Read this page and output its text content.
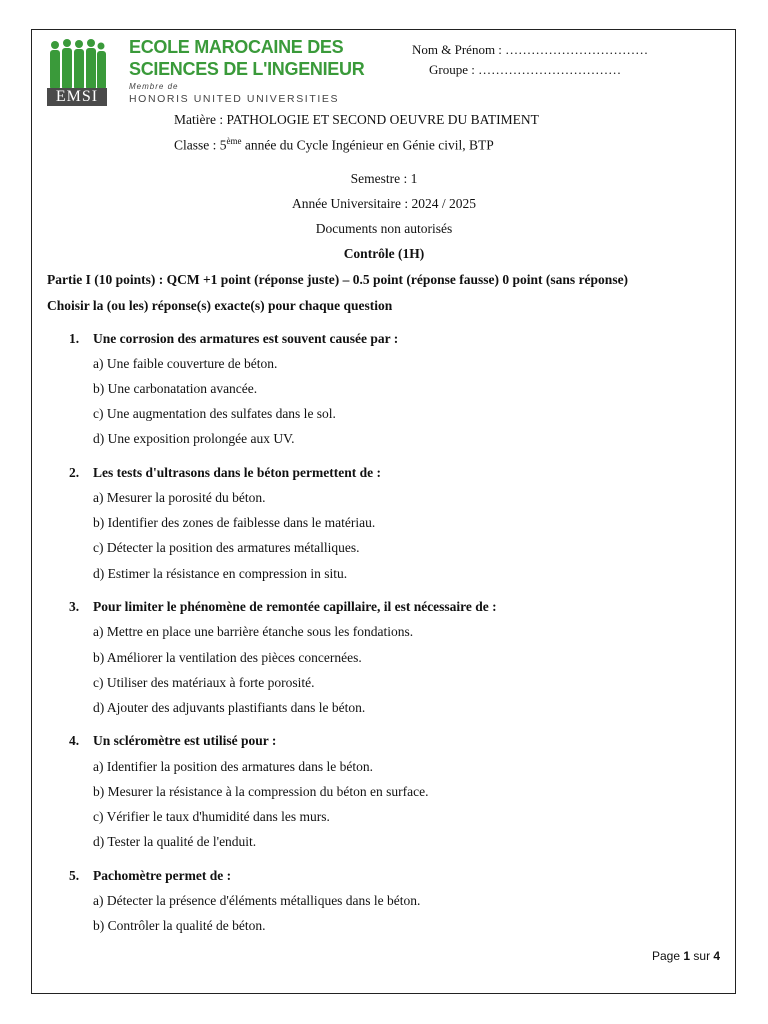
EMSI
ECOLE MAROCAINE DES
SCIENCES DE L'INGENIEUR
Membre de
HONORIS UNITED UNIVERSITIES
Nom & Prénom : ……………………………
Groupe : ……………………………
Matière : PATHOLOGIE ET SECOND OEUVRE DU BATIMENT
Classe : 5ème année du Cycle Ingénieur en Génie civil, BTP
Semestre : 1
Année Universitaire : 2024 / 2025
Documents non autorisés
Contrôle (1H)
Partie I (10 points) : QCM +1 point (réponse juste) – 0.5 point (réponse fausse) 0 point (sans réponse)
Choisir la (ou les) réponse(s) exacte(s) pour chaque question
1. Une corrosion des armatures est souvent causée par :
a) Une faible couverture de béton.
b) Une carbonatation avancée.
c) Une augmentation des sulfates dans le sol.
d) Une exposition prolongée aux UV.
2. Les tests d'ultrasons dans le béton permettent de :
a) Mesurer la porosité du béton.
b) Identifier des zones de faiblesse dans le matériau.
c) Détecter la position des armatures métalliques.
d) Estimer la résistance en compression in situ.
3. Pour limiter le phénomène de remontée capillaire, il est nécessaire de :
a) Mettre en place une barrière étanche sous les fondations.
b) Améliorer la ventilation des pièces concernées.
c) Utiliser des matériaux à forte porosité.
d) Ajouter des adjuvants plastifiants dans le béton.
4. Un scléromètre est utilisé pour :
a) Identifier la position des armatures dans le béton.
b) Mesurer la résistance à la compression du béton en surface.
c) Vérifier le taux d'humidité dans les murs.
d) Tester la qualité de l'enduit.
5. Pachomètre permet de :
a) Détecter la présence d'éléments métalliques dans le béton.
b) Contrôler la qualité de béton.
Page 1 sur 4
